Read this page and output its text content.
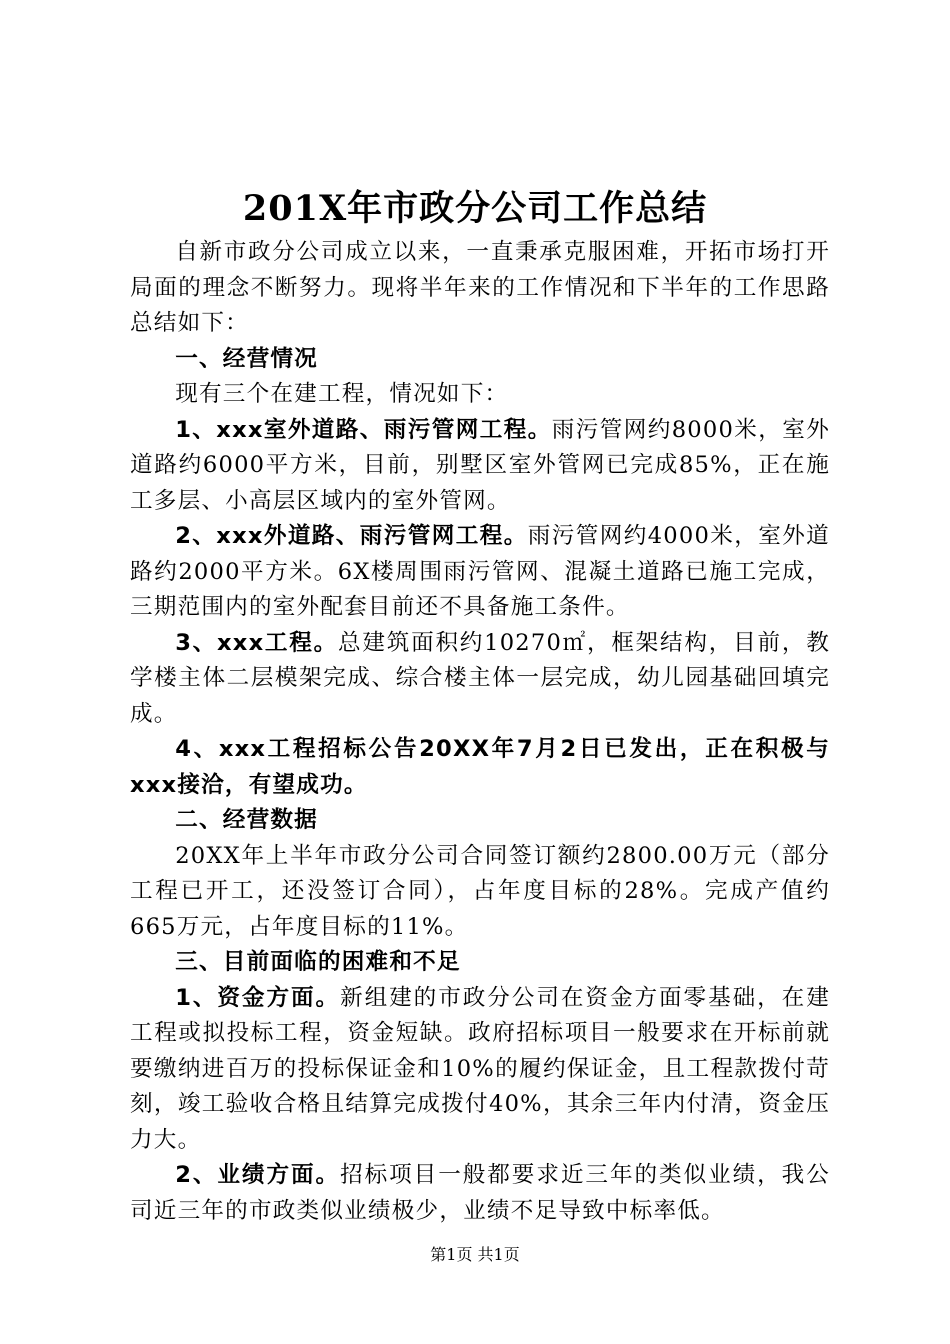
201X年市政分公司工作总结

自新市政分公司成立以来，一直秉承克服困难，开拓市场打开局面的理念不断努力。现将半年来的工作情况和下半年的工作思路总结如下：

一、经营情况

现有三个在建工程，情况如下：

1、xxx室外道路、雨污管网工程。雨污管网约8000米，室外道路约6000平方米，目前，别墅区室外管网已完成85%，正在施工多层、小高层区域内的室外管网。

2、xxx外道路、雨污管网工程。雨污管网约4000米，室外道路约2000平方米。6X楼周围雨污管网、混凝土道路已施工完成，三期范围内的室外配套目前还不具备施工条件。

3、xxx工程。总建筑面积约10270㎡，框架结构，目前，教学楼主体二层模架完成、综合楼主体一层完成，幼儿园基础回填完成。

4、xxx工程招标公告20XX年7月2日已发出，正在积极与xxx接洽，有望成功。

二、经营数据

20XX年上半年市政分公司合同签订额约2800.00万元（部分工程已开工，还没签订合同），占年度目标的28%。完成产值约665万元，占年度目标的11%。

三、目前面临的困难和不足

1、资金方面。新组建的市政分公司在资金方面零基础，在建工程或拟投标工程，资金短缺。政府招标项目一般要求在开标前就要缴纳进百万的投标保证金和10%的履约保证金，且工程款拨付苛刻，竣工验收合格且结算完成拨付40%，其余三年内付清，资金压力大。

2、业绩方面。招标项目一般都要求近三年的类似业绩，我公司近三年的市政类似业绩极少，业绩不足导致中标率低。

第1页 共1页
